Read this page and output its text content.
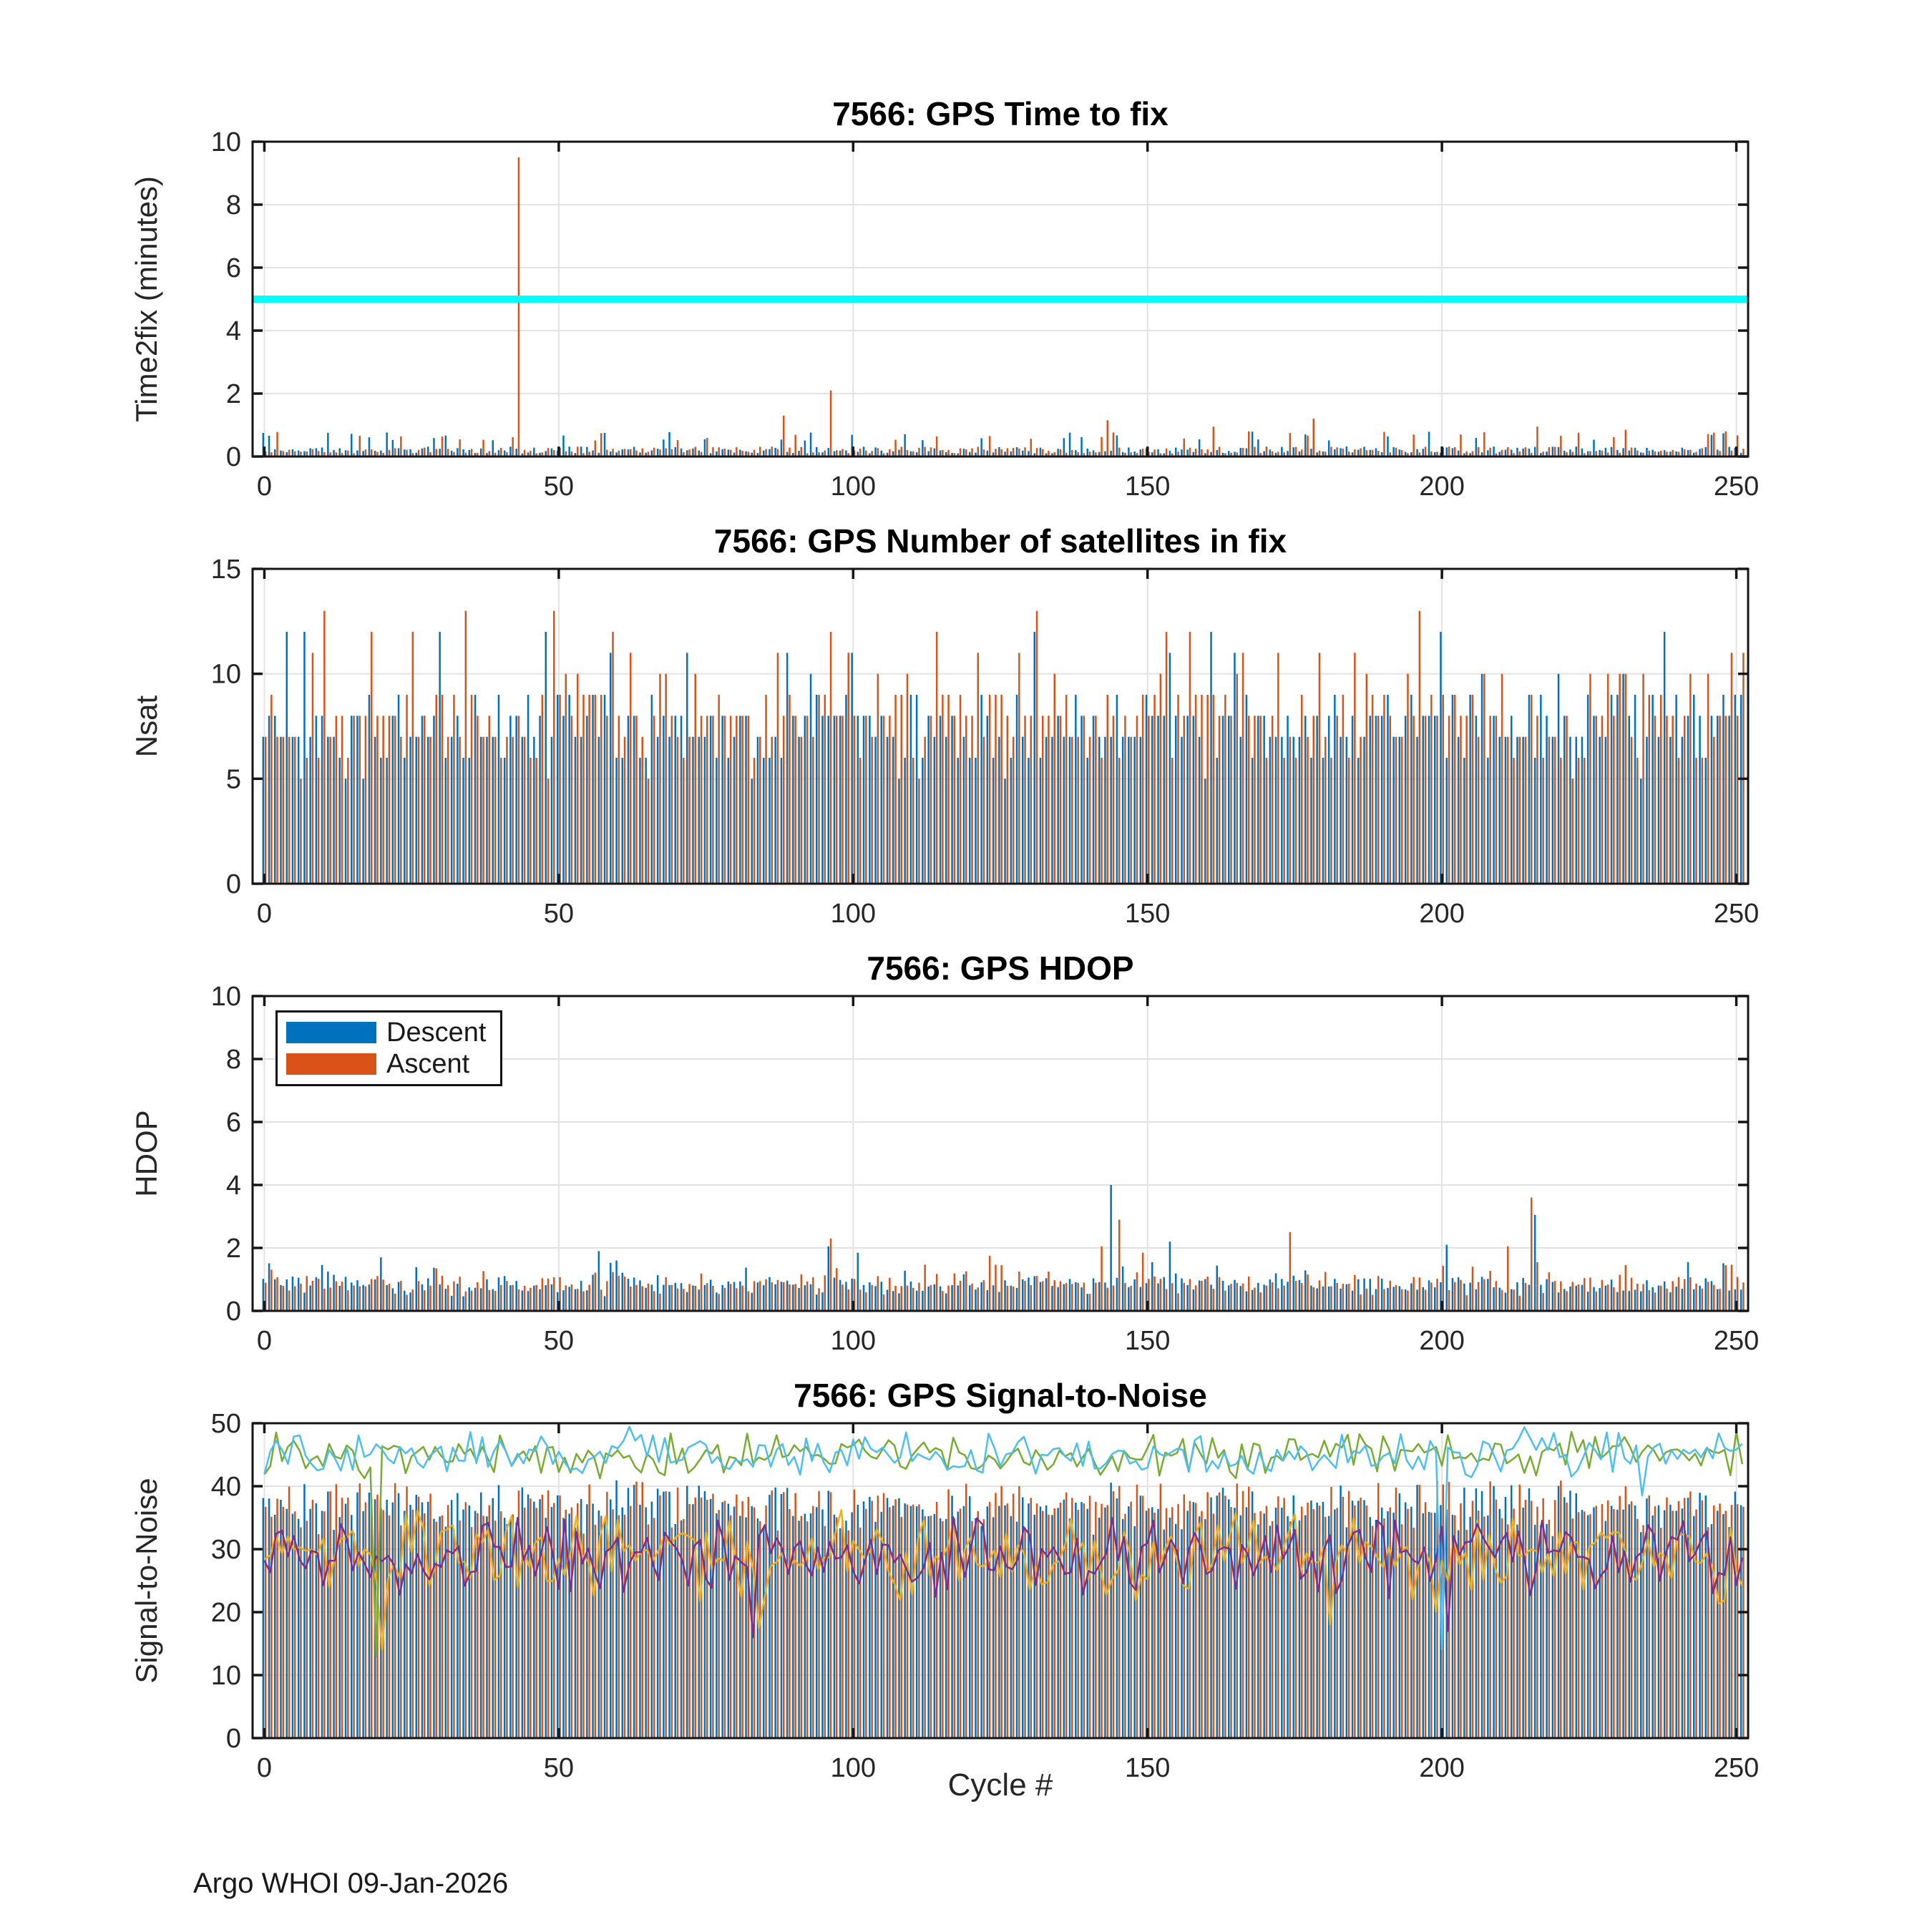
0	50	100	150	200	250
0
2
4
6
8
10
0	50	100	150	200	250
0
5
10
15
0	50	100	150	200	250
0
2
4
6
8
10
0	50	100	150	200	250
0
10
20
30
40
50
7566: GPS Time to fix
7566: GPS Number of satellites in fix
7566: GPS HDOP
7566: GPS Signal-to-Noise
Time2fix (minutes)
Nsat
HDOP
Signal-to-Noise
Descent
Ascent
Cycle #
Argo WHOI 09-Jan-2026
